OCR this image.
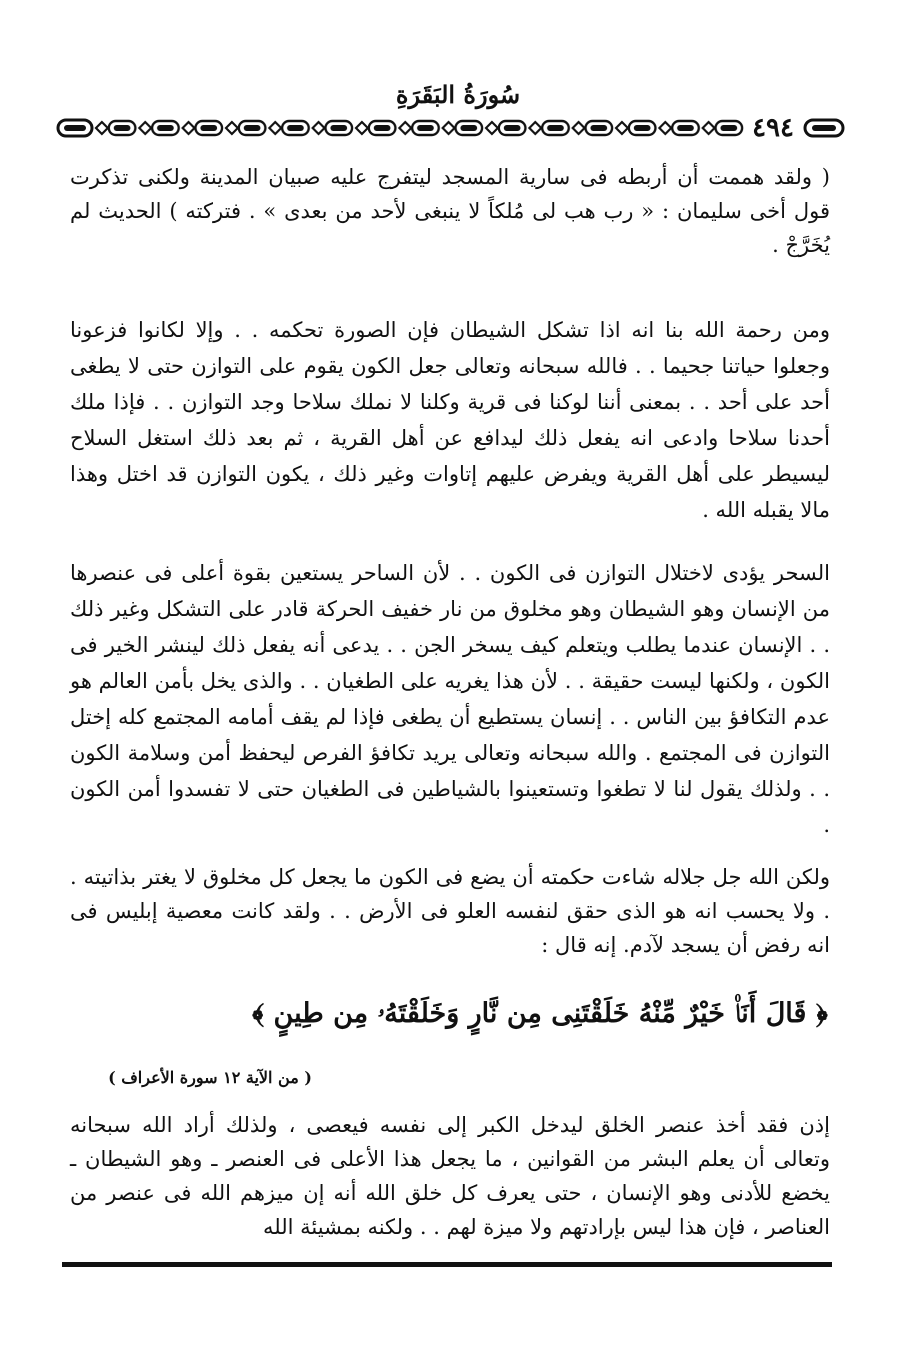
سُورَةُ البَقَرَةِ
٤٩٤

( ولقد هممت أن أربطه فى سارية المسجد ليتفرج عليه صبيان المدينة ولكنى تذكرت قول أخى سليمان : « رب هب لى مُلكاً لا ينبغى لأحد من بعدى » . فتركته ) الحديث لم يُخَرَّجْ .

ومن رحمة الله بنا انه اذا تشكل الشيطان فإن الصورة تحكمه . . وإلا لكانوا فزعونا وجعلوا حياتنا جحيما . . فالله سبحانه وتعالى جعل الكون يقوم على التوازن حتى لا يطغى أحد على أحد . . بمعنى أننا لوكنا فى قرية وكلنا لا نملك سلاحا وجد التوازن . . فإذا ملك أحدنا سلاحا وادعى انه يفعل ذلك ليدافع عن أهل القرية ، ثم بعد ذلك استغل السلاح ليسيطر على أهل القرية ويفرض عليهم إتاوات وغير ذلك ، يكون التوازن قد اختل وهذا مالا يقبله الله .

السحر يؤدى لاختلال التوازن فى الكون . . لأن الساحر يستعين بقوة أعلى فى عنصرها من الإنسان وهو الشيطان وهو مخلوق من نار خفيف الحركة قادر على التشكل وغير ذلك . . الإنسان عندما يطلب ويتعلم كيف يسخر الجن . . يدعى أنه يفعل ذلك لينشر الخير فى الكون ، ولكنها ليست حقيقة . . لأن هذا يغريه على الطغيان . . والذى يخل بأمن العالم هو عدم التكافؤ بين الناس . . إنسان يستطيع أن يطغى فإذا لم يقف أمامه المجتمع كله إختل التوازن فى المجتمع . والله سبحانه وتعالى يريد تكافؤ الفرص ليحفظ أمن وسلامة الكون . . ولذلك يقول لنا لا تطغوا وتستعينوا بالشياطين فى الطغيان حتى لا تفسدوا أمن الكون .

ولكن الله جل جلاله شاءت حكمته أن يضع فى الكون ما يجعل كل مخلوق لا يغتر بذاتيته . . ولا يحسب انه هو الذى حقق لنفسه العلو فى الأرض . . ولقد كانت معصية إبليس فى انه رفض أن يسجد لآدم. إنه قال :

﴿ قَالَ أَنَا۠ خَيْرٌ مِّنْهُ خَلَقْتَنِى مِن نَّارٍ وَخَلَقْتَهُۥ مِن طِينٍ ﴾
( من الآية ١٢ سورة الأعراف )

إذن فقد أخذ عنصر الخلق ليدخل الكبر إلى نفسه فيعصى ، ولذلك أراد الله سبحانه وتعالى أن يعلم البشر من القوانين ، ما يجعل هذا الأعلى فى العنصر ـ وهو الشيطان ـ يخضع للأدنى وهو الإنسان ، حتى يعرف كل خلق الله أنه إن ميزهم الله فى عنصر من العناصر ، فإن هذا ليس بإرادتهم ولا ميزة لهم . . ولكنه بمشيئة الله
